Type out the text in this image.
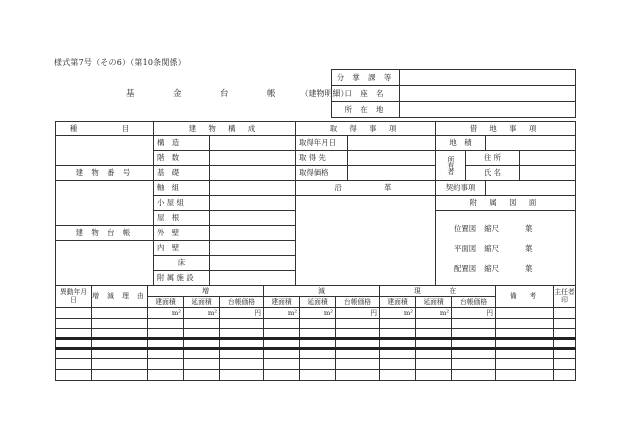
様式第7号（その6）（第10条関係）
基　金　台　帳 （建物明細）
分 掌 課 等	
口 座 名	
所 在 地	
種　　目	建 物 構 成		取 得 事 項		借 地 事 項			
	構　造		取得年月日		地　積			
	階　数		取 得 先		所有者	住 所		
建 物 番 号	基　礎		取得価格			氏 名		
	軸　組		沿　　　革		契約事項			
	小 屋 組				附 属 図 面			
	屋　根				位置図 縮尺 葉
平面図 縮尺 葉
配置図 縮尺 葉			

建 物 台 帳	外　壁							
	内　壁							
	床							
	附 属 施 設							
異動年月日	増 減 理 由	増			減			現　　在			備　考	主任者印
		建面積	延面積	台帳価格	建面積	延面積	台帳価格	建面積	延面積	台帳価格		
		m²	m²	円	m²	m²	円	m²	m²	円		
